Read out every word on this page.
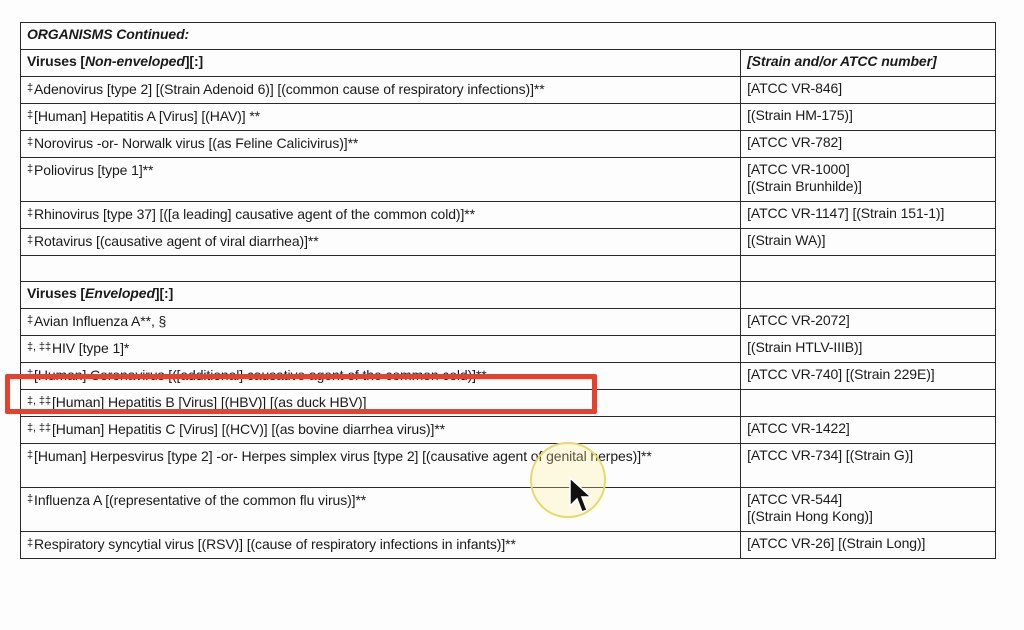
ORGANISMS Continued:	
Viruses [Non-enveloped][:]	[Strain and/or ATCC number]
‡Adenovirus [type 2] [(Strain Adenoid 6)] [(common cause of respiratory infections)]**	[ATCC VR-846]
‡[Human] Hepatitis A [Virus] [(HAV)] **	[(Strain HM-175)]
‡Norovirus -or- Norwalk virus [(as Feline Calicivirus)]**	[ATCC VR-782]
‡Poliovirus [type 1]**	[ATCC VR-1000]
[(Strain Brunhilde)]

‡Rhinovirus [type 37] [([a leading] causative agent of the common cold)]**	[ATCC VR-1147] [(Strain 151-1)]
‡Rotavirus [(causative agent of viral diarrhea)]**	[(Strain WA)]

Viruses [Enveloped][:]	
‡Avian Influenza A**, §	[ATCC VR-2072]
‡, ‡‡HIV [type 1]*	[(Strain HTLV-IIIB)]
‡[Human] Coronavirus [([additional] causative agent of the common cold)]**	[ATCC VR-740] [(Strain 229E)]
‡, ‡‡[Human] Hepatitis B [Virus] [(HBV)] [(as duck HBV)]	
‡, ‡‡[Human] Hepatitis C [Virus] [(HCV)] [(as bovine diarrhea virus)]**	[ATCC VR-1422]
‡[Human] Herpesvirus [type 2] -or- Herpes simplex virus [type 2] [(causative agent of genital herpes)]**	[ATCC VR-734] [(Strain G)]
‡Influenza A [(representative of the common flu virus)]**	[ATCC VR-544]
[(Strain Hong Kong)]

‡Respiratory syncytial virus [(RSV)] [(cause of respiratory infections in infants)]**	[ATCC VR-26] [(Strain Long)]
